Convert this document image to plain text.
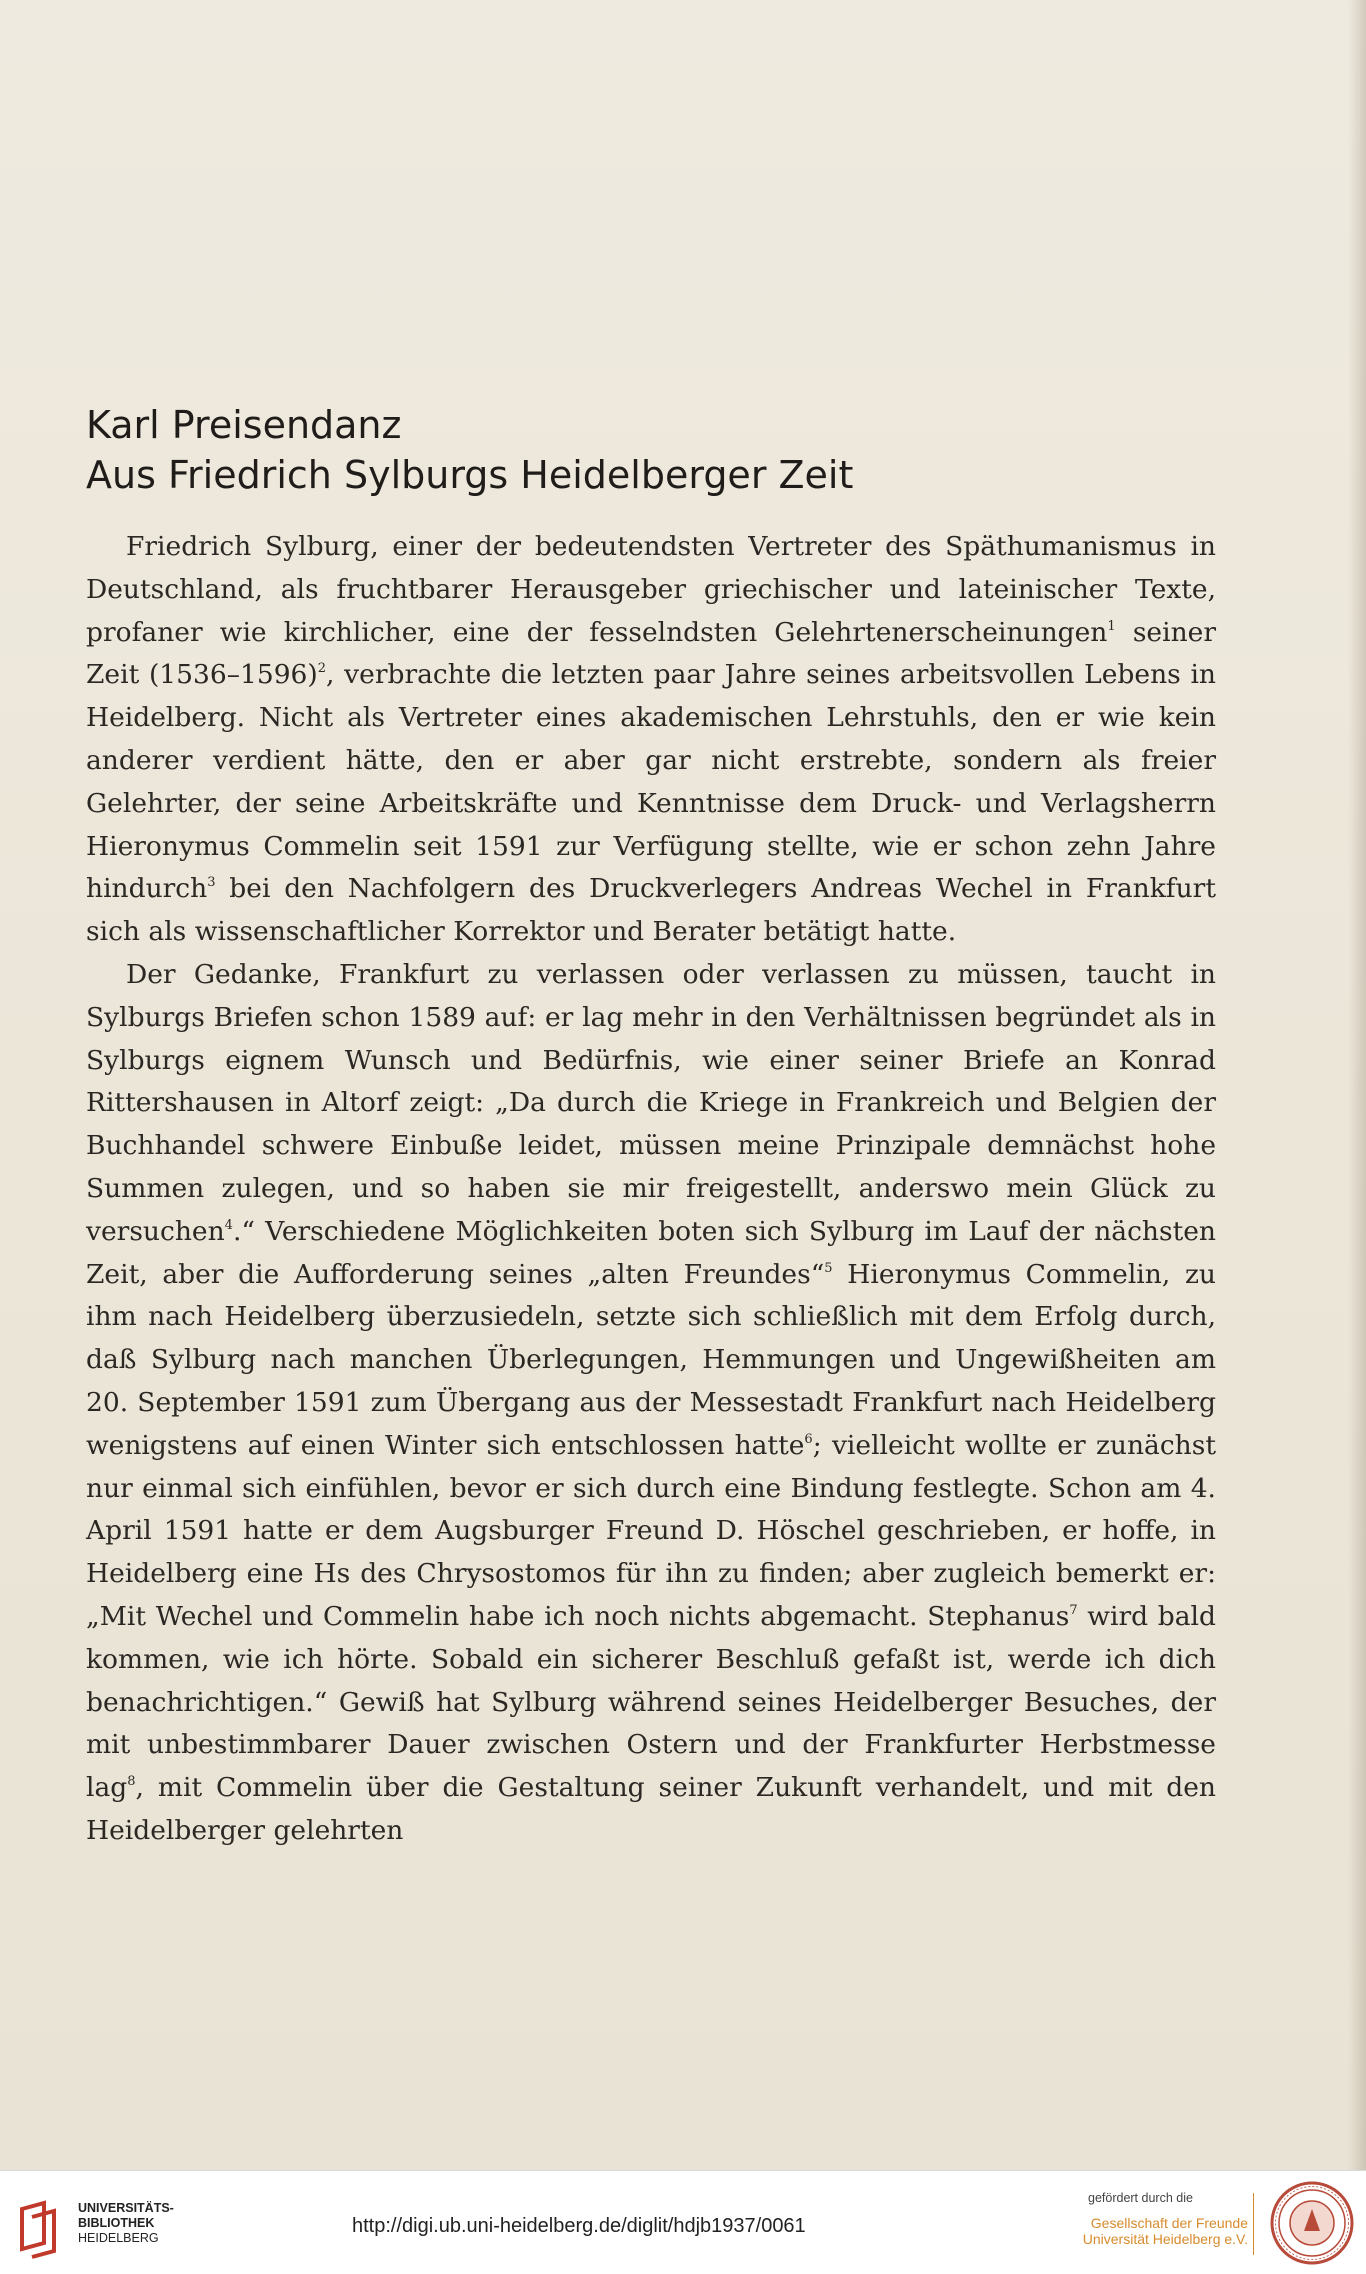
Karl Preisendanz
Aus Friedrich Sylburgs Heidelberger Zeit

Friedrich Sylburg, einer der bedeutendsten Vertreter des Späthumanismus in Deutschland, als fruchtbarer Herausgeber griechischer und lateinischer Texte, profaner wie kirchlicher, eine der fesselndsten Gelehrtenerscheinungen$^1$ seiner Zeit (1536–1596)$^2$, verbrachte die letzten paar Jahre seines arbeitsvollen Lebens in Heidelberg. Nicht als Vertreter eines akademischen Lehrstuhls, den er wie kein anderer verdient hätte, den er aber gar nicht erstrebte, sondern als freier Gelehrter, der seine Arbeitskräfte und Kenntnisse dem Druck- und Verlagsherrn Hieronymus Commelin seit 1591 zur Verfügung stellte, wie er schon zehn Jahre hindurch$^3$ bei den Nachfolgern des Druckverlegers Andreas Wechel in Frankfurt sich als wissenschaftlicher Korrektor und Berater betätigt hatte.

Der Gedanke, Frankfurt zu verlassen oder verlassen zu müssen, taucht in Sylburgs Briefen schon 1589 auf: er lag mehr in den Verhältnissen begründet als in Sylburgs eignem Wunsch und Bedürfnis, wie einer seiner Briefe an Konrad Rittershausen in Altorf zeigt: „Da durch die Kriege in Frankreich und Belgien der Buchhandel schwere Einbuße leidet, müssen meine Prinzipale demnächst hohe Summen zulegen, und so haben sie mir freigestellt, anderswo mein Glück zu versuchen$^4$.“ Verschiedene Möglichkeiten boten sich Sylburg im Lauf der nächsten Zeit, aber die Aufforderung seines „alten Freundes“$^5$ Hieronymus Commelin, zu ihm nach Heidelberg überzusiedeln, setzte sich schließlich mit dem Erfolg durch, daß Sylburg nach manchen Überlegungen, Hemmungen und Ungewißheiten am 20. September 1591 zum Übergang aus der Messestadt Frankfurt nach Heidelberg wenigstens auf einen Winter sich entschlossen hatte$^6$; vielleicht wollte er zunächst nur einmal sich einfühlen, bevor er sich durch eine Bindung festlegte. Schon am 4. April 1591 hatte er dem Augsburger Freund D. Höschel geschrieben, er hoffe, in Heidelberg eine Hs des Chrysostomos für ihn zu finden; aber zugleich bemerkt er: „Mit Wechel und Commelin habe ich noch nichts abgemacht. Stephanus$^7$ wird bald kommen, wie ich hörte. Sobald ein sicherer Beschluß gefaßt ist, werde ich dich benachrichtigen.“ Gewiß hat Sylburg während seines Heidelberger Besuches, der mit unbestimmbarer Dauer zwischen Ostern und der Frankfurter Herbstmesse lag$^8$, mit Commelin über die Gestaltung seiner Zukunft verhandelt, und mit den Heidelberger gelehrten

UNIVERSITÄTS-
BIBLIOTHEK
HEIDELBERG
http://digi.ub.uni-heidelberg.de/diglit/hdjb1937/0061
gefördert durch die
Gesellschaft der Freunde
Universität Heidelberg e.V.
